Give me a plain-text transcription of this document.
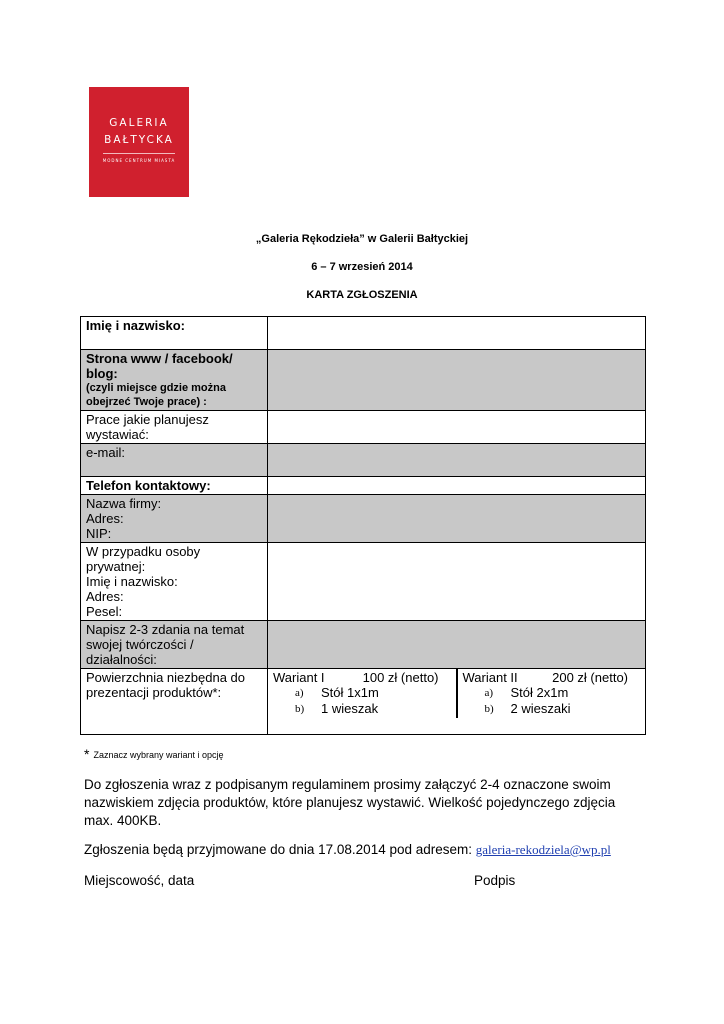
GALERIA
BAŁTYCKA
MODNE CENTRUM MIASTA
„Galeria Rękodzieła” w Galerii Bałtyckiej
6 – 7 wrzesień 2014
KARTA ZGŁOSZENIA
Imię i nazwisko:	

Strona www / facebook/ blog:
(czyli miejsce gdzie można obejrzeć Twoje prace) :

Prace jakie planujesz wystawiać:	
e-mail:	
Telefon kontaktowy:	

Nazwa firmy:
Adres:
NIP:

W przypadku osoby prywatnej:
Imię i nazwisko:
Adres:
Pesel:

Napisz 2-3 zdania na temat swojej twórczości / działalności:	
Powierzchnia niezbędna do prezentacji produktów*:	
Wariant I	100 zł (netto)
a)	Stół 1x1m
b)	1 wieszak

Wariant II	200 zł (netto)
a)	Stół 2x1m
b)	2 wieszaki
* Zaznacz wybrany wariant i opcję
Do zgłoszenia wraz z podpisanym regulaminem prosimy załączyć 2-4 oznaczone swoim nazwiskiem zdjęcia produktów, które planujesz wystawić. Wielkość pojedynczego zdjęcia max. 400KB.
Zgłoszenia będą przyjmowane do dnia 17.08.2014 pod adresem: galeria-rekodziela@wp.pl
Miejscowość, data	Podpis
